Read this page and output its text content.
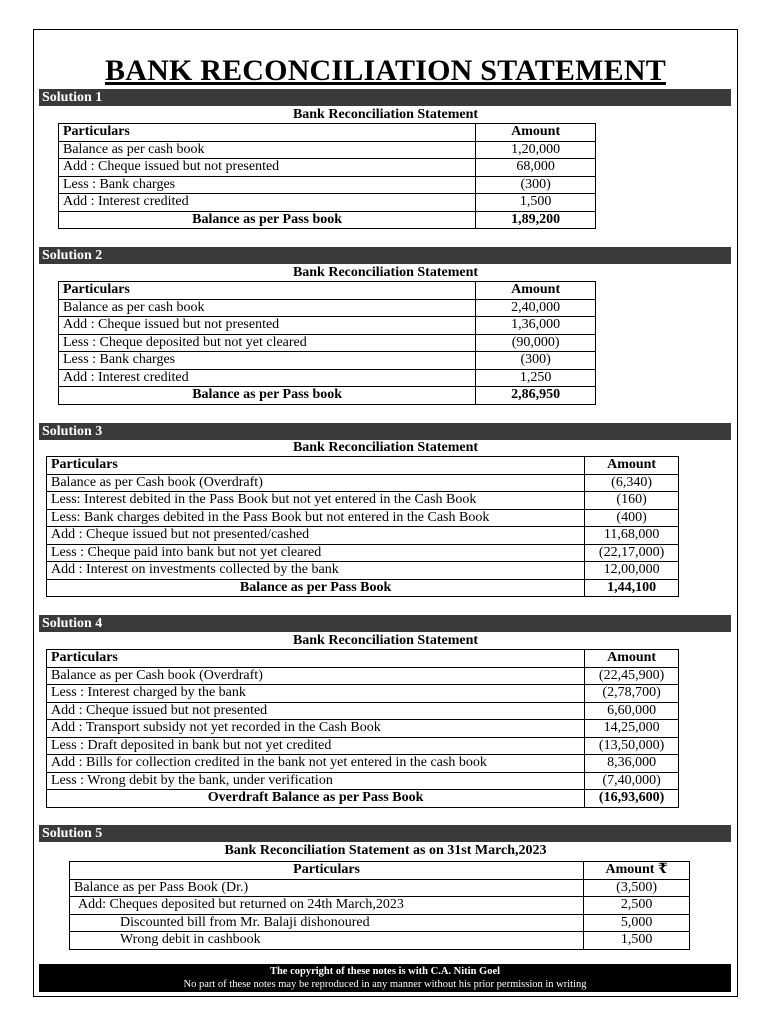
BANK RECONCILIATION STATEMENT
Solution 1
Bank Reconciliation Statement
Particulars	Amount
Balance as per cash book	1,20,000
Add : Cheque issued but not presented	68,000
Less : Bank charges	(300)
Add : Interest credited	1,500
Balance as per Pass book	1,89,200
Solution 2
Bank Reconciliation Statement
Particulars	Amount
Balance as per cash book	2,40,000
Add : Cheque issued but not presented	1,36,000
Less : Cheque deposited but not yet cleared	(90,000)
Less : Bank charges	(300)
Add : Interest credited	1,250
Balance as per Pass book	2,86,950
Solution 3
Bank Reconciliation Statement
Particulars	Amount
Balance as per Cash book (Overdraft)	(6,340)
Less: Interest debited in the Pass Book but not yet entered in the Cash Book	(160)
Less: Bank charges debited in the Pass Book but not entered in the Cash Book	(400)
Add : Cheque issued but not presented/cashed	11,68,000
Less : Cheque paid into bank but not yet cleared	(22,17,000)
Add : Interest on investments collected by the bank	12,00,000
Balance as per Pass Book	1,44,100
Solution 4
Bank Reconciliation Statement
Particulars	Amount
Balance as per Cash book (Overdraft)	(22,45,900)
Less : Interest charged by the bank	(2,78,700)
Add : Cheque issued but not presented	6,60,000
Add : Transport subsidy not yet recorded in the Cash Book	14,25,000
Less : Draft deposited in bank but not yet credited	(13,50,000)
Add : Bills for collection credited in the bank not yet entered in the cash book	8,36,000
Less : Wrong debit by the bank, under verification	(7,40,000)
Overdraft Balance as per Pass Book	(16,93,600)
Solution 5
Bank Reconciliation Statement as on 31st March,2023
Particulars	Amount ₹
Balance as per Pass Book (Dr.)	(3,500)
Add: Cheques deposited but returned on 24th March,2023	2,500
Discounted bill from Mr. Balaji dishonoured	5,000
Wrong debit in cashbook	1,500
The copyright of these notes is with C.A. Nitin Goel
No part of these notes may be reproduced in any manner without his prior permission in writing
